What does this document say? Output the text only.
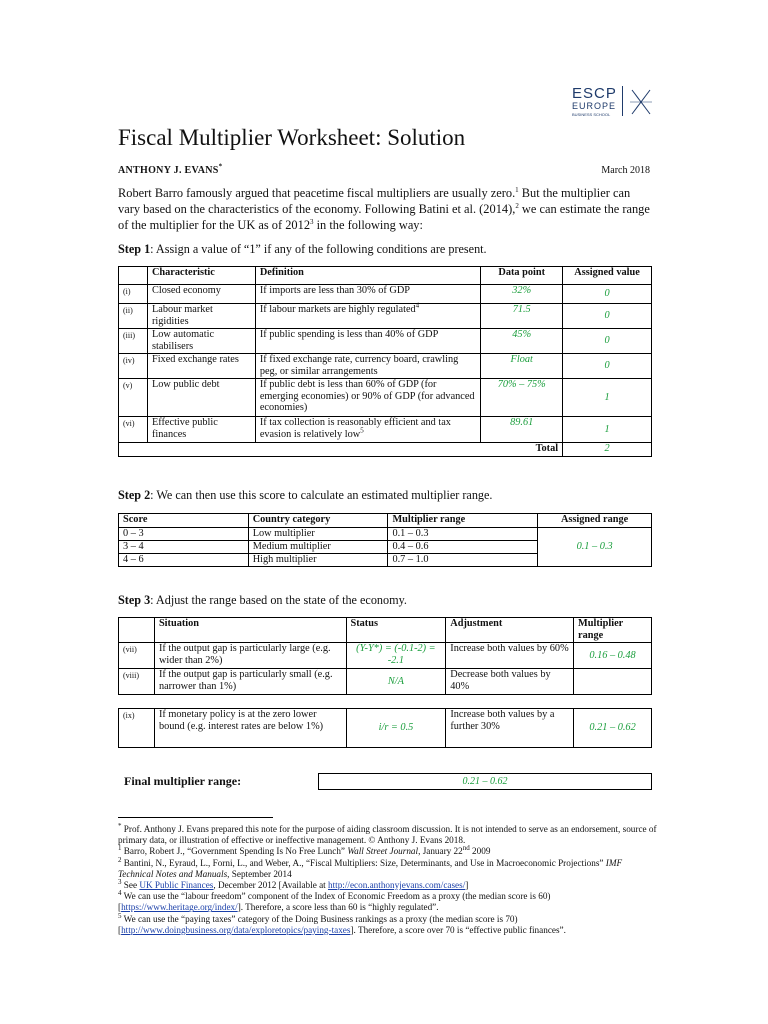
ESCP
EUROPE
BUSINESS SCHOOL
Fiscal Multiplier Worksheet: Solution
ANTHONY J. EVANS*	March 2018

Robert Barro famously argued that peacetime fiscal multipliers are usually zero.$^1$ But the multiplier can vary based on the characteristics of the economy. Following Batini et al. (2014),$^2$ we can estimate the range of the multiplier for the UK as of 2012$^3$ in the following way:

Step 1: Assign a value of “1” if any of the following conditions are present.

	Characteristic	Definition	Data point	Assigned value
(i)	Closed economy	If imports are less than 30% of GDP	32%	0
(ii)	Labour market rigidities	If labour markets are highly regulated$^4$	71.5	0
(iii)	Low automatic stabilisers	If public spending is less than 40% of GDP	45%	0
(iv)	Fixed exchange rates	If fixed exchange rate, currency board, crawling peg, or similar arrangements	Float	0
(v)	Low public debt	If public debt is less than 60% of GDP (for emerging economies) or 90% of GDP (for advanced economies)	70% – 75%	1
(vi)	Effective public finances	If tax collection is reasonably efficient and tax evasion is relatively low$^5$	89.61	1
Total				2

Step 2: We can then use this score to calculate an estimated multiplier range.

Score	Country category	Multiplier range	Assigned range
0 – 3	Low multiplier	0.1 – 0.3	0.1 – 0.3
3 – 4	Medium multiplier	0.4 – 0.6	
4 – 6	High multiplier	0.7 – 1.0	

Step 3: Adjust the range based on the state of the economy.

	Situation	Status	Adjustment	Multiplier range
(vii)	If the output gap is particularly large (e.g. wider than 2%)	(Y-Y*) = (-0.1-2) = -2.1	Increase both values by 60%	0.16 – 0.48
(viii)	If the output gap is particularly small (e.g. narrower than 1%)	N/A	Decrease both values by 40%	
(ix)	If monetary policy is at the zero lower bound (e.g. interest rates are below 1%)	i/r = 0.5	Increase both values by a further 30%	0.21 – 0.62
Final multiplier range:	0.21 – 0.62

* Prof. Anthony J. Evans prepared this note for the purpose of aiding classroom discussion. It is not intended to serve as an endorsement, source of primary data, or illustration of effective or ineffective management. © Anthony J. Evans 2018.

$^1$ Barro, Robert J., “Government Spending Is No Free Lunch” Wall Street Journal, January 22nd 2009

$^2$ Bantini, N., Eyraud, L., Forni, L., and Weber, A., “Fiscal Multipliers: Size, Determinants, and Use in Macroeconomic Projections” IMF Technical Notes and Manuals, September 2014

$^3$ See UK Public Finances, December 2012 [Available at http://econ.anthonyjevans.com/cases/]

$^4$ We can use the “labour freedom” component of the Index of Economic Freedom as a proxy (the median score is 60) [https://www.heritage.org/index/]. Therefore, a score less than 60 is “highly regulated”.

$^5$ We can use the “paying taxes” category of the Doing Business rankings as a proxy (the median score is 70) [http://www.doingbusiness.org/data/exploretopics/paying-taxes]. Therefore, a score over 70 is “effective public finances”.
